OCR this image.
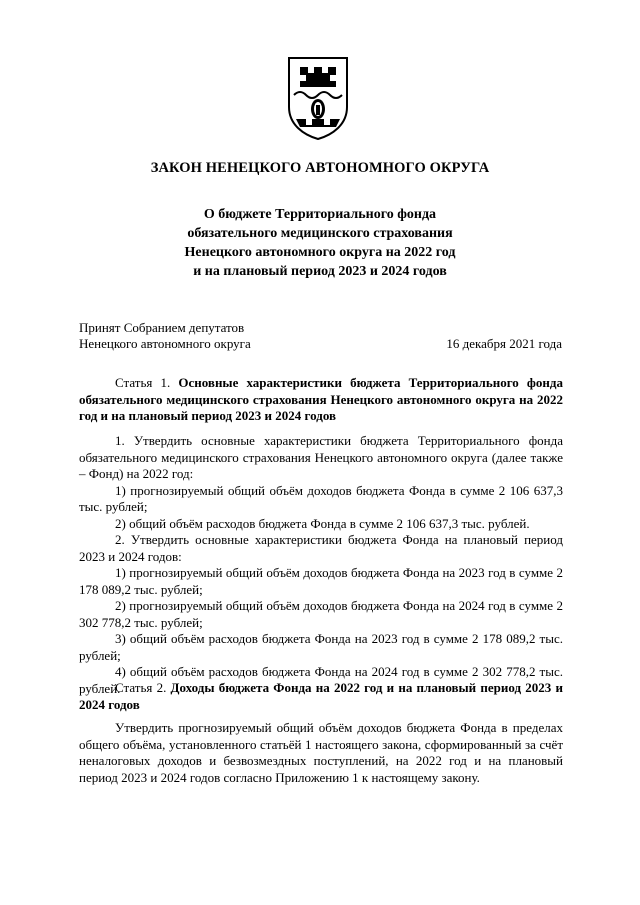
ЗАКОН НЕНЕЦКОГО АВТОНОМНОГО ОКРУГА
О бюджете Территориального фонда
обязательного медицинского страхования
Ненецкого автономного округа на 2022 год
и на плановый период 2023 и 2024 годов
Принят Собранием депутатов
Ненецкого автономного округа	16 декабря 2021 года

Статья 1. Основные характеристики бюджета Территориального фонда обязательного медицинского страхования Ненецкого автономного округа на 2022 год и на плановый период 2023 и 2024 годов

1. Утвердить основные характеристики бюджета Территориального фонда обязательного медицинского страхования Ненецкого автономного округа (далее также – Фонд) на 2022 год:

1) прогнозируемый общий объём доходов бюджета Фонда в сумме 2 106 637,3 тыс. рублей;

2) общий объём расходов бюджета Фонда в сумме 2 106 637,3 тыс. рублей.

2. Утвердить основные характеристики бюджета Фонда на плановый период 2023 и 2024 годов:

1) прогнозируемый общий объём доходов бюджета Фонда на 2023 год в сумме 2 178 089,2 тыс. рублей;

2) прогнозируемый общий объём доходов бюджета Фонда на 2024 год в сумме 2 302 778,2 тыс. рублей;

3) общий объём расходов бюджета Фонда на 2023 год в сумме 2 178 089,2 тыс. рублей;

4) общий объём расходов бюджета Фонда на 2024 год в сумме 2 302 778,2 тыс. рублей.

Статья 2. Доходы бюджета Фонда на 2022 год и на плановый период 2023 и 2024 годов

Утвердить прогнозируемый общий объём доходов бюджета Фонда в пределах общего объёма, установленного статьёй 1 настоящего закона, сформированный за счёт неналоговых доходов и безвозмездных поступлений, на 2022 год и на плановый период 2023 и 2024 годов согласно Приложению 1 к настоящему закону.
